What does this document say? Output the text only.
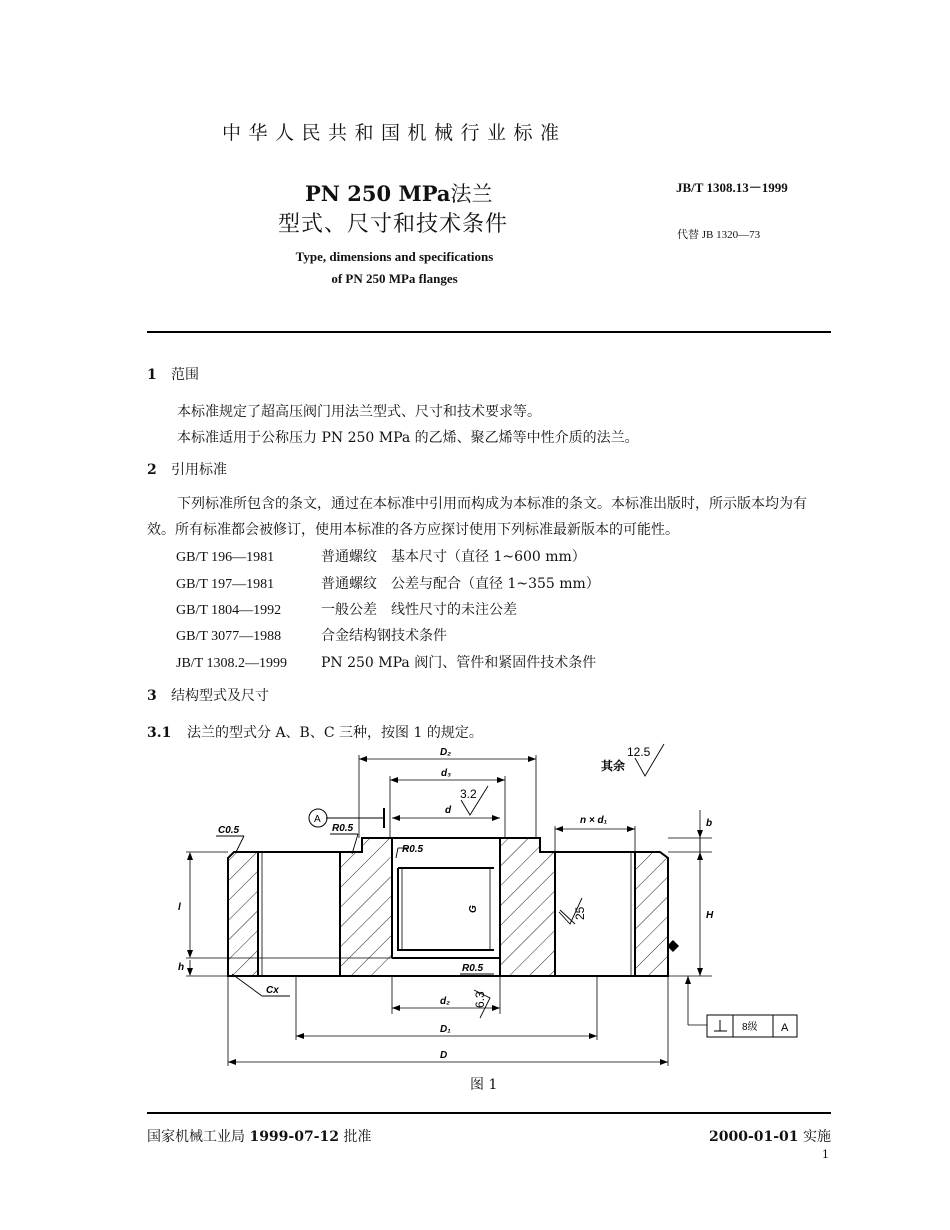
中华人民共和国机械行业标准
PN 250 MPa法兰
型式、尺寸和技术条件
Type, dimensions and specifications
of PN 250 MPa flanges
JB/T 1308.13－1999
代替 JB 1320—73
1 范围
本标准规定了超高压阀门用法兰型式、尺寸和技术要求等。
本标准适用于公称压力 PN 250 MPa 的乙烯、聚乙烯等中性介质的法兰。
2 引用标准
下列标准所包含的条文，通过在本标准中引用而构成为本标准的条文。本标准出版时，所示版本均为有效。所有标准都会被修订，使用本标准的各方应探讨使用下列标准最新版本的可能性。
GB/T 196—1981	普通螺纹　基本尺寸（直径 1~600 mm）
GB/T 197—1981	普通螺纹　公差与配合（直径 1~355 mm）
GB/T 1804—1992	一般公差　线性尺寸的未注公差
GB/T 3077—1988	合金结构钢技术条件
JB/T 1308.2—1999 PN 250 MPa 阀门、管件和紧固件技术条件
3 结构型式及尺寸
3.1 法兰的型式分 A、B、C 三种，按图 1 的规定。
D₂
d₃
d
d₂
D₁
D
n × d₁	b
H
l
h
C0.5	R0.5
R0.5
R0.5
Cx
G
3.2
12.5
其余
25
6.3
A
8级 A
图 1
国家机械工业局 1999-07-12 批准	2000-01-01 实施
1
